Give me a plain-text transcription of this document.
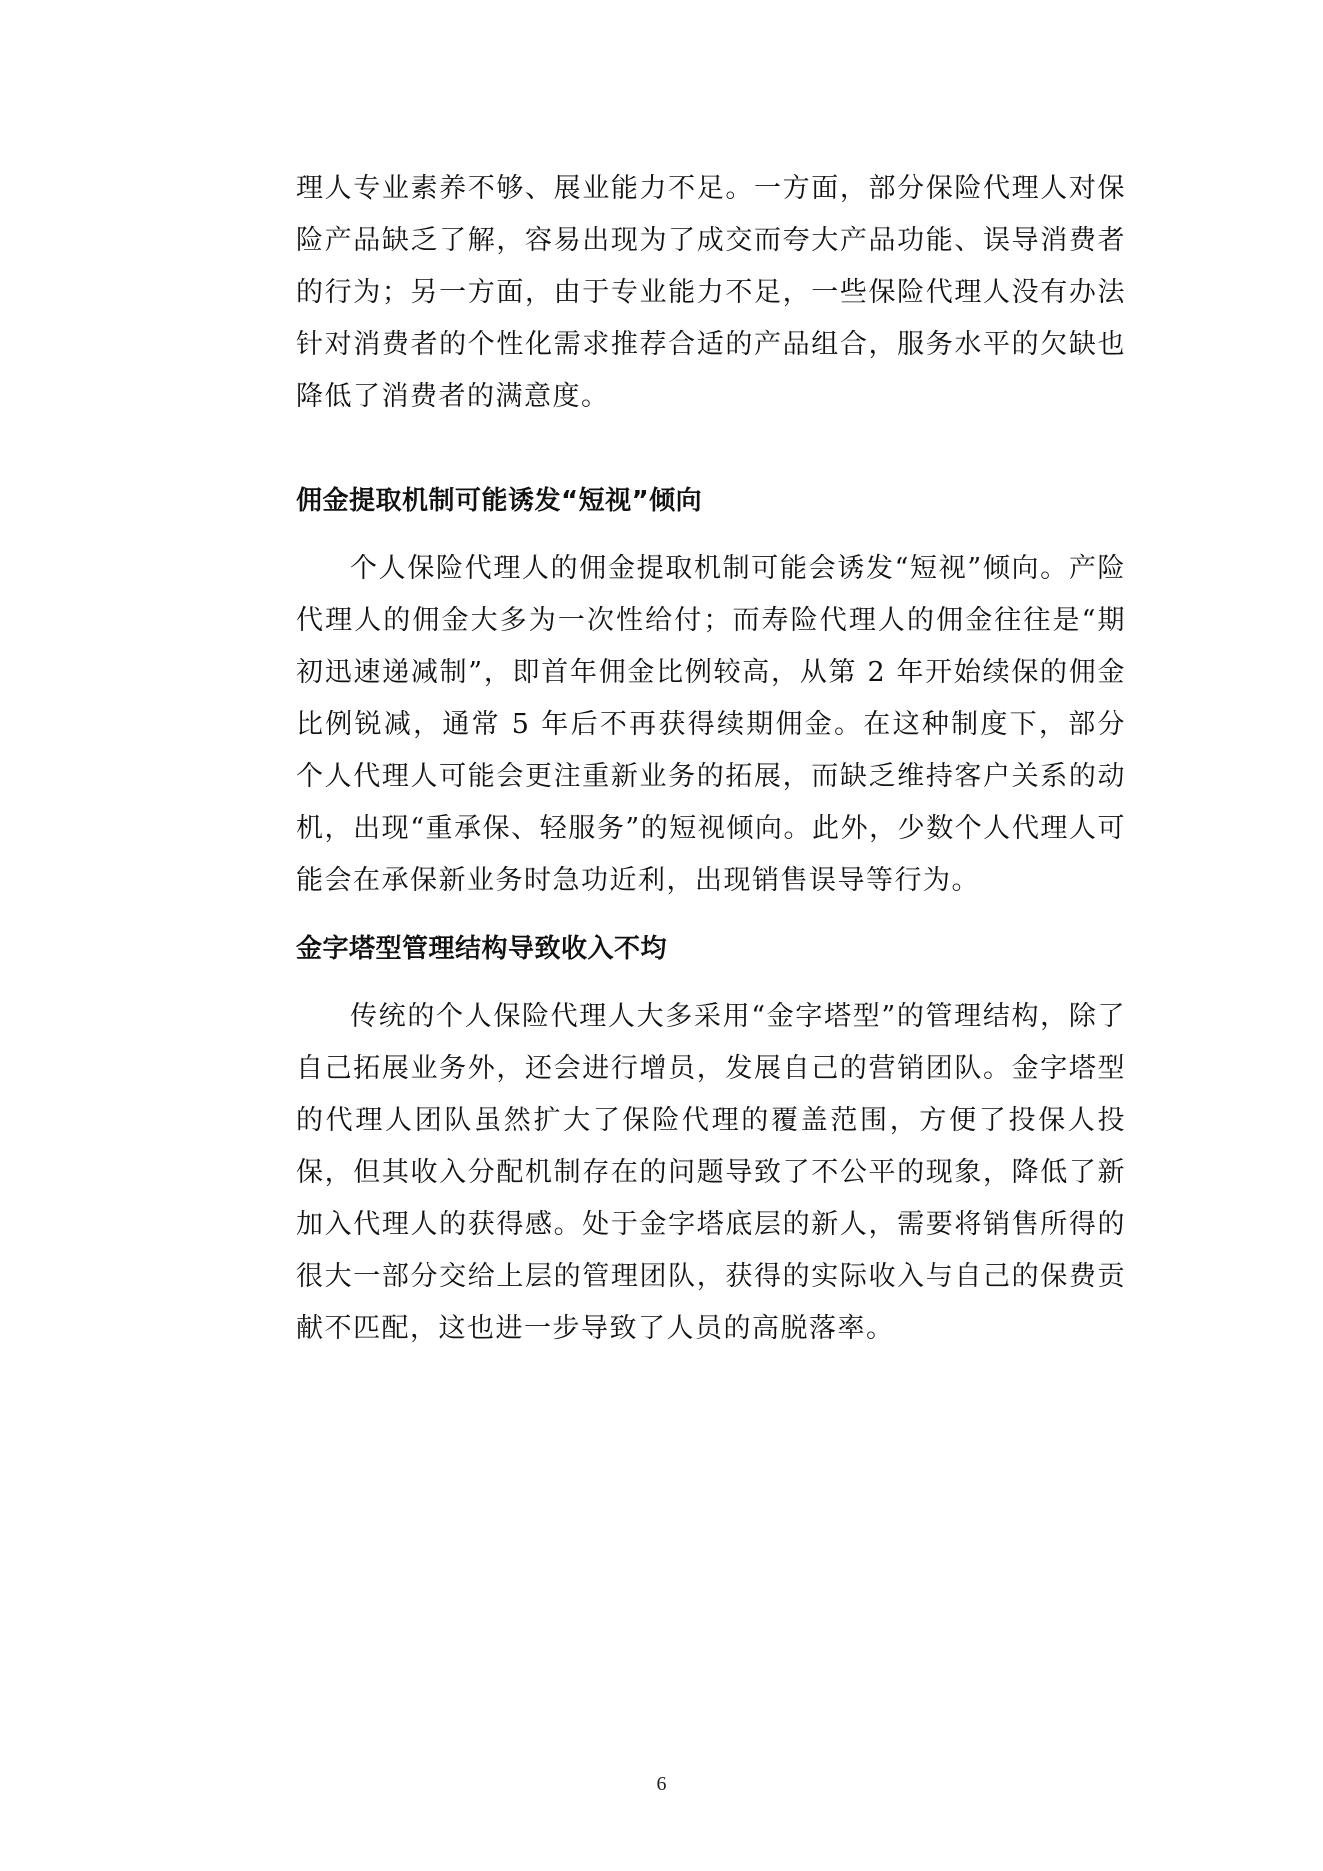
理人专业素养不够、展业能力不足。一方面，部分保险代理人对保险产品缺乏了解，容易出现为了成交而夸大产品功能、误导消费者的行为；另一方面，由于专业能力不足，一些保险代理人没有办法针对消费者的个性化需求推荐合适的产品组合，服务水平的欠缺也降低了消费者的满意度。

佣金提取机制可能诱发“短视”倾向

个人保险代理人的佣金提取机制可能会诱发“短视”倾向。产险代理人的佣金大多为一次性给付；而寿险代理人的佣金往往是“期初迅速递减制”，即首年佣金比例较高，从第 2 年开始续保的佣金比例锐减，通常 5 年后不再获得续期佣金。在这种制度下，部分个人代理人可能会更注重新业务的拓展，而缺乏维持客户关系的动机，出现“重承保、轻服务”的短视倾向。此外，少数个人代理人可能会在承保新业务时急功近利，出现销售误导等行为。

金字塔型管理结构导致收入不均

传统的个人保险代理人大多采用“金字塔型”的管理结构，除了自己拓展业务外，还会进行增员，发展自己的营销团队。金字塔型的代理人团队虽然扩大了保险代理的覆盖范围，方便了投保人投保，但其收入分配机制存在的问题导致了不公平的现象，降低了新加入代理人的获得感。处于金字塔底层的新人，需要将销售所得的很大一部分交给上层的管理团队，获得的实际收入与自己的保费贡献不匹配，这也进一步导致了人员的高脱落率。

6
